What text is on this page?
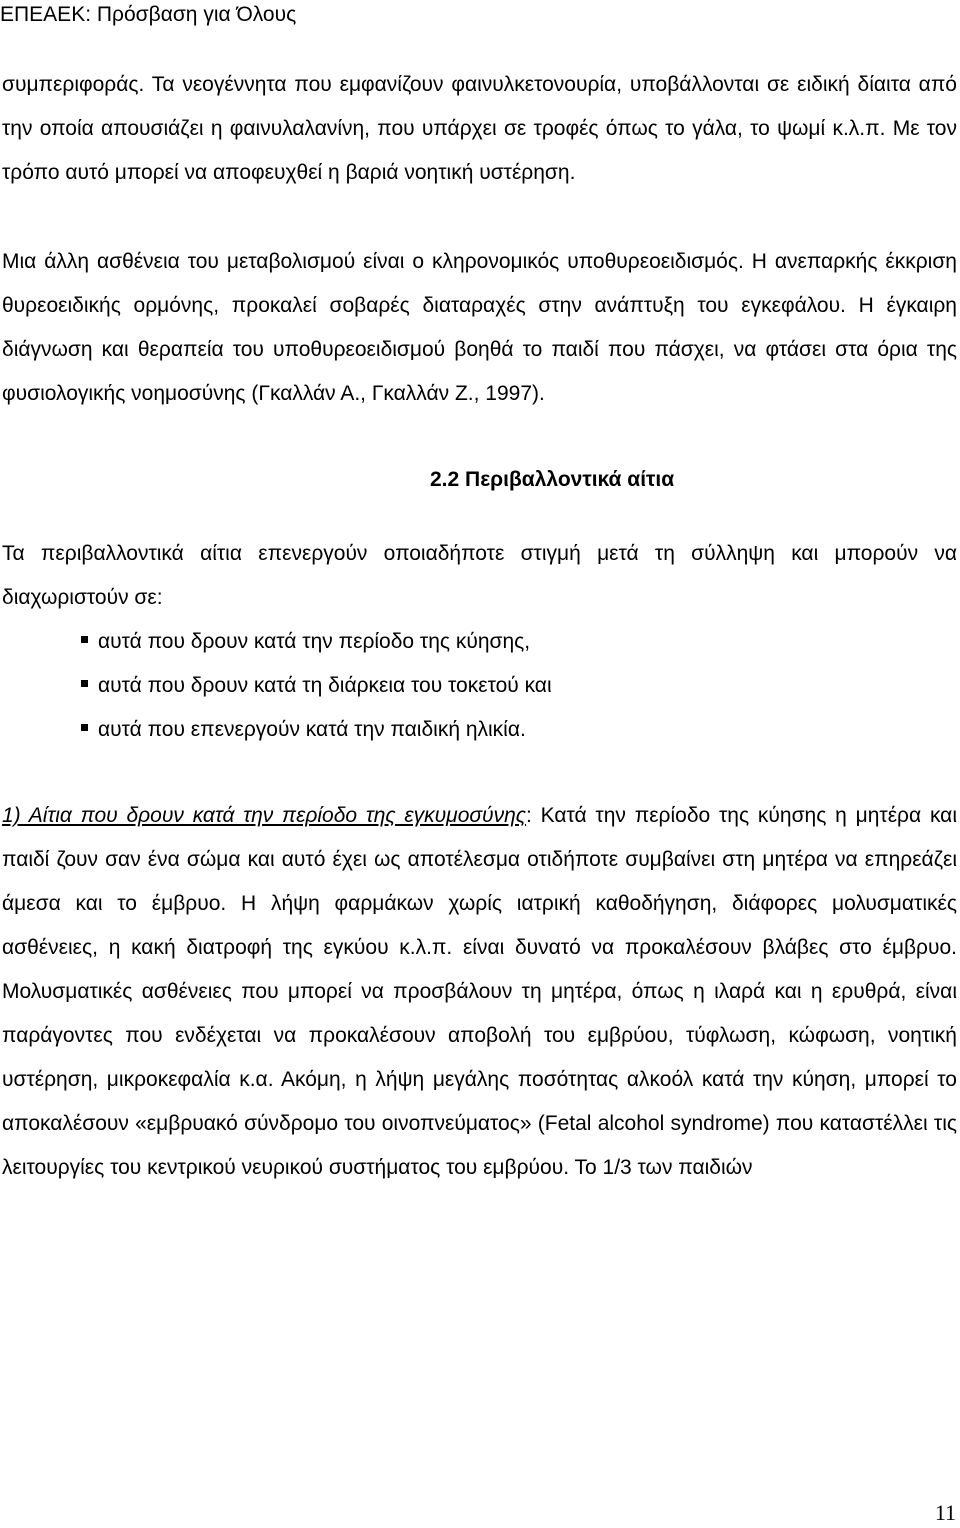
ΕΠΕΑΕΚ: Πρόσβαση για Όλους

συμπεριφοράς. Τα νεογέννητα που εμφανίζουν φαινυλκετονουρία, υποβάλλονται σε ειδική δίαιτα από την οποία απουσιάζει η φαινυλαλανίνη, που υπάρχει σε τροφές όπως το γάλα, το ψωμί κ.λ.π. Με τον τρόπο αυτό μπορεί να αποφευχθεί η βαριά νοητική υστέρηση.

Μια άλλη ασθένεια του μεταβολισμού είναι ο κληρονομικός υποθυρεοειδισμός. Η ανεπαρκής έκκριση θυρεοειδικής ορμόνης, προκαλεί σοβαρές διαταραχές στην ανάπτυξη του εγκεφάλου. Η έγκαιρη διάγνωση και θεραπεία του υποθυρεοειδισμού βοηθά το παιδί που πάσχει, να φτάσει στα όρια της φυσιολογικής νοημοσύνης (Γκαλλάν Α., Γκαλλάν Ζ., 1997).

2.2 Περιβαλλοντικά αίτια

Τα περιβαλλοντικά αίτια επενεργούν οποιαδήποτε στιγμή μετά τη σύλληψη και μπορούν να διαχωριστούν σε:

αυτά που δρουν κατά την περίοδο της κύησης,
αυτά που δρουν κατά τη διάρκεια του τοκετού και
αυτά που επενεργούν κατά την παιδική ηλικία.

1) Αίτια που δρουν κατά την περίοδο της εγκυμοσύνης: Κατά την περίοδο της κύησης η μητέρα και παιδί ζουν σαν ένα σώμα και αυτό έχει ως αποτέλεσμα οτιδήποτε συμβαίνει στη μητέρα να επηρεάζει άμεσα και το έμβρυο. Η λήψη φαρμάκων χωρίς ιατρική καθοδήγηση, διάφορες μολυσματικές ασθένειες, η κακή διατροφή της εγκύου κ.λ.π. είναι δυνατό να προκαλέσουν βλάβες στο έμβρυο. Μολυσματικές ασθένειες που μπορεί να προσβάλουν τη μητέρα, όπως η ιλαρά και η ερυθρά, είναι παράγοντες που ενδέχεται να προκαλέσουν αποβολή του εμβρύου, τύφλωση, κώφωση, νοητική υστέρηση, μικροκεφαλία κ.α. Ακόμη, η λήψη μεγάλης ποσότητας αλκοόλ κατά την κύηση, μπορεί το αποκαλέσουν «εμβρυακό σύνδρομο του οινοπνεύματος» (Fetal alcohol syndrome) που καταστέλλει τις λειτουργίες του κεντρικού νευρικού συστήματος του εμβρύου. Το 1/3 των παιδιών

11
